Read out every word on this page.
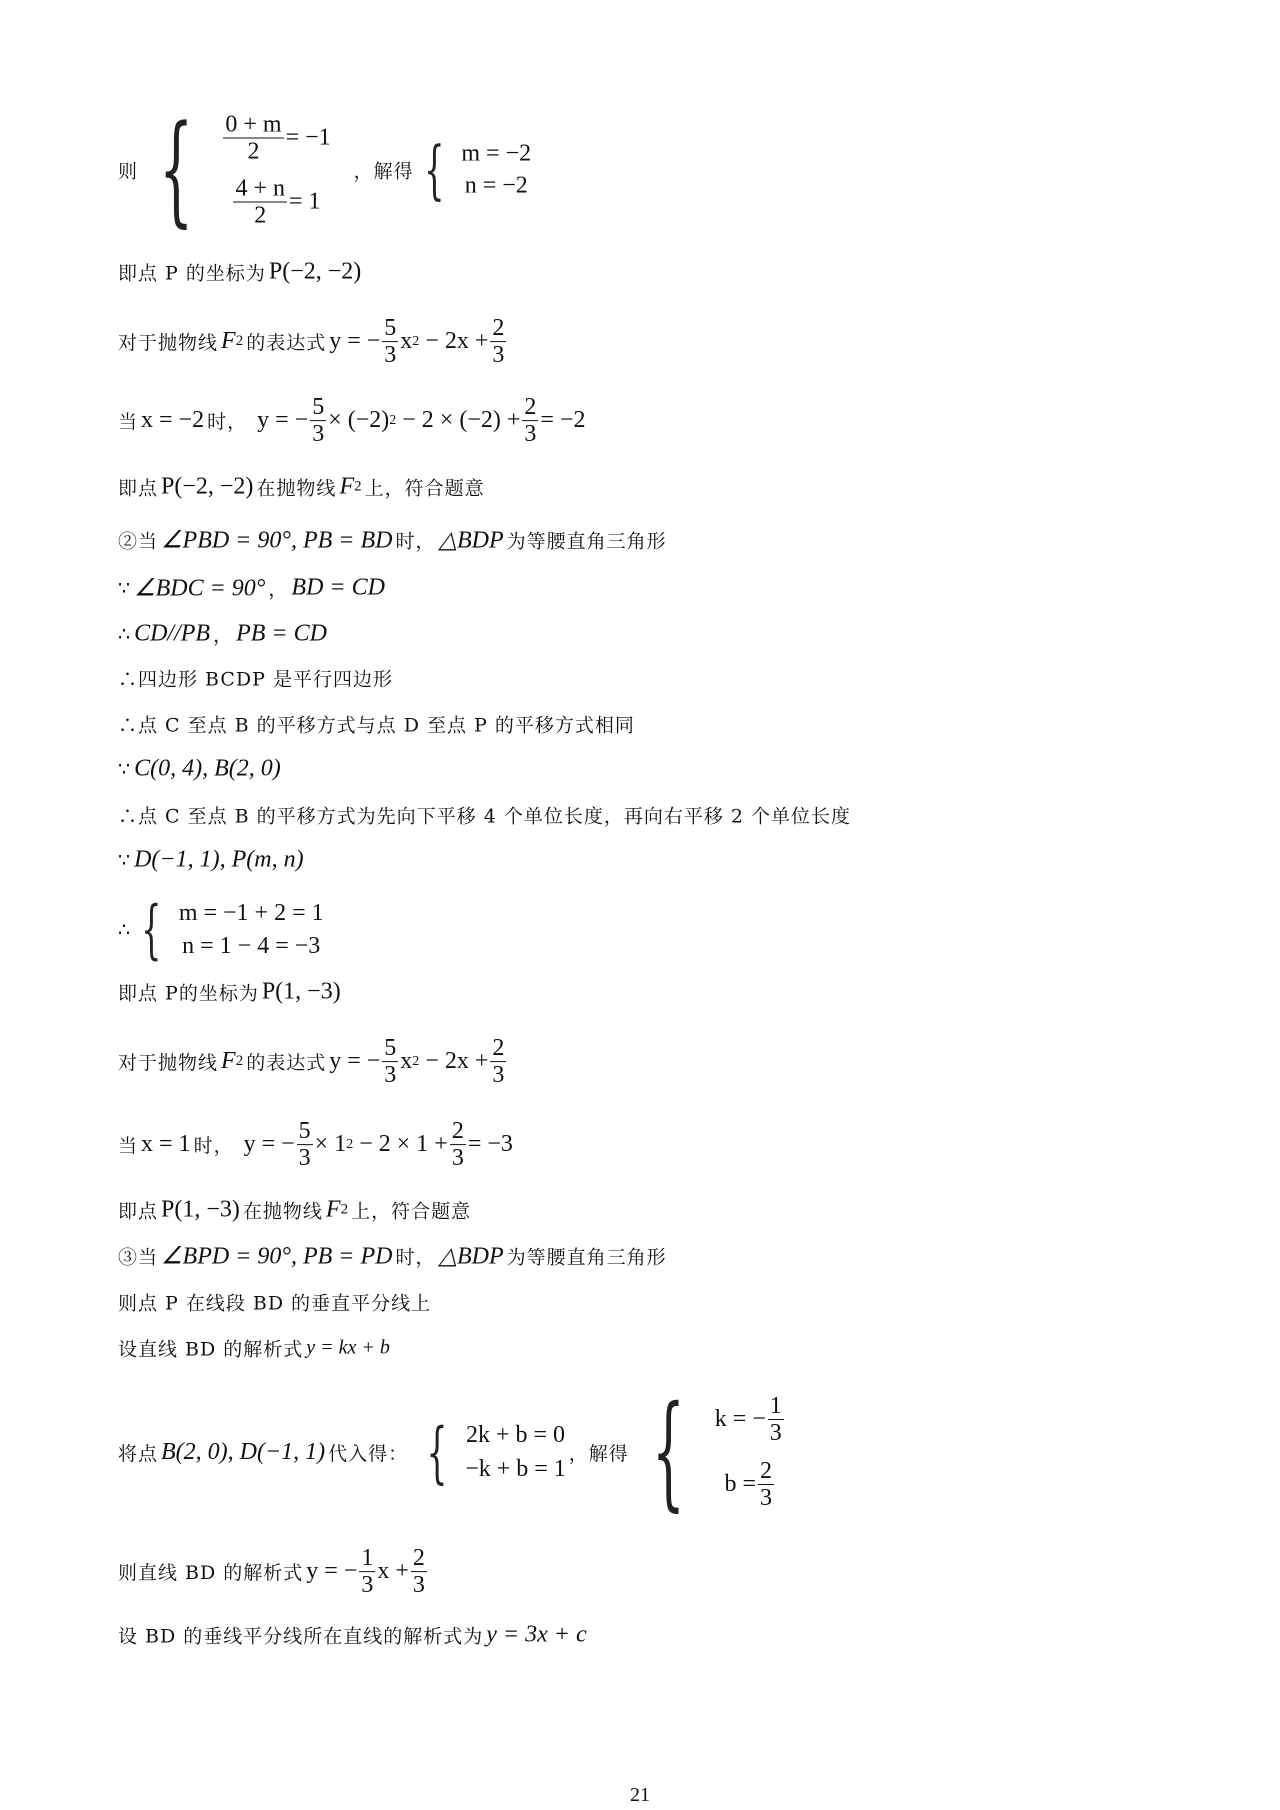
则 { $\frac{0 + m}{2} = -1$
$\frac{4 + n}{2} = 1$
，解得 { m = −2
n = −2
即点 P 的坐标为 P(−2, −2)
对于抛物线 F 2 的表达式 y = − $\frac{5}{3}$ x $2 - 2x + \frac{2}{3}$
当 x = −2 时， y = − $\frac{5}{3} \times (-2) 2 - 2 \times (-2) + \frac{2}{3} = -2$
即点 P(−2, −2) 在抛物线 F 2 上，符合题意
②当 ∠PBD = 90°, PB = BD 时， △BDP 为等腰直角三角形
∵ ∠BDC = 90° ， BD = CD
∴ CD//PB ， PB = CD
∴四边形 BCDP 是平行四边形
∴点 C 至点 B 的平移方式与点 D 至点 P 的平移方式相同
∵ C(0, 4), B(2, 0)
∴点 C 至点 B 的平移方式为先向下平移 4 个单位长度，再向右平移 2 个单位长度
∵ D(−1, 1), P(m, n)
∴ { m = −1 + 2 = 1
n = 1 − 4 = −3
即点 P的坐标为 P(1, −3)
对于抛物线 F 2 的表达式 y = − $\frac{5}{3}$ x $2 - 2x + \frac{2}{3}$
当 x = 1 时， y = − $\frac{5}{3} \times 1$ $2 - 2 \times 1 + \frac{2}{3} = -3$
即点 P(1, −3) 在抛物线 F 2 上，符合题意
③当 ∠BPD = 90°, PB = PD 时， △BDP 为等腰直角三角形
则点 P 在线段 BD 的垂直平分线上
设直线 BD 的解析式 y = kx + b
将点 B(2, 0), D(−1, 1) 代入得： { 2k + b = 0
−k + b = 1
，解得 { k = − $\frac{1}{3}$
$b = \frac{2}{3}$
则直线 BD 的解析式 y = − $\frac{1}{3}$ $x + \frac{2}{3}$
设 BD 的垂线平分线所在直线的解析式为 y = 3x + c
21
